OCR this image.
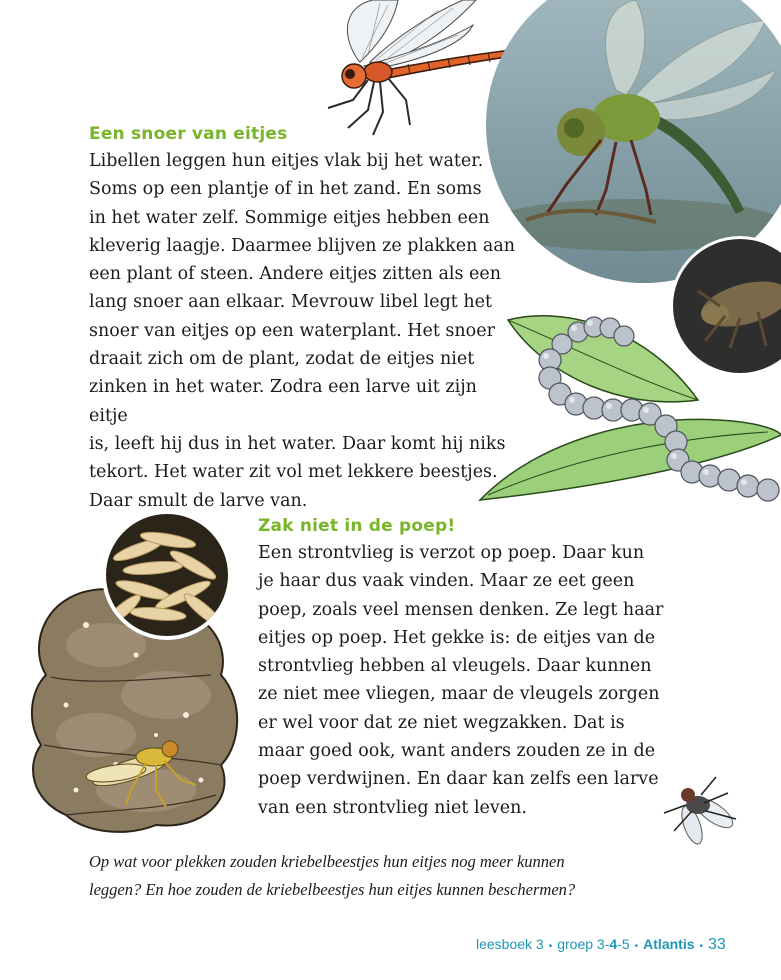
Een snoer van eitjes
Libellen leggen hun eitjes vlak bij het water.
Soms op een plantje of in het zand. En soms
in het water zelf. Sommige eitjes hebben een
kleverig laagje. Daarmee blijven ze plakken aan
een plant of steen. Andere eitjes zitten als een
lang snoer aan elkaar. Mevrouw libel legt het
snoer van eitjes op een waterplant. Het snoer
draait zich om de plant, zodat de eitjes niet
zinken in het water. Zodra een larve uit zijn eitje
is, leeft hij dus in het water. Daar komt hij niks
tekort. Het water zit vol met lekkere beestjes.
Daar smult de larve van.
Zak niet in de poep!
Een strontvlieg is verzot op poep. Daar kun
je haar dus vaak vinden. Maar ze eet geen
poep, zoals veel mensen denken. Ze legt haar
eitjes op poep. Het gekke is: de eitjes van de
strontvlieg hebben al vleugels. Daar kunnen
ze niet mee vliegen, maar de vleugels zorgen
er wel voor dat ze niet wegzakken. Dat is
maar goed ook, want anders zouden ze in de
poep verdwijnen. En daar kan zelfs een larve
van een strontvlieg niet leven.
Op wat voor plekken zouden kriebelbeestjes hun eitjes nog meer kunnen
leggen? En hoe zouden de kriebelbeestjes hun eitjes kunnen beschermen?
leesboek 3 • groep 3-4-5 • Atlantis • 33
